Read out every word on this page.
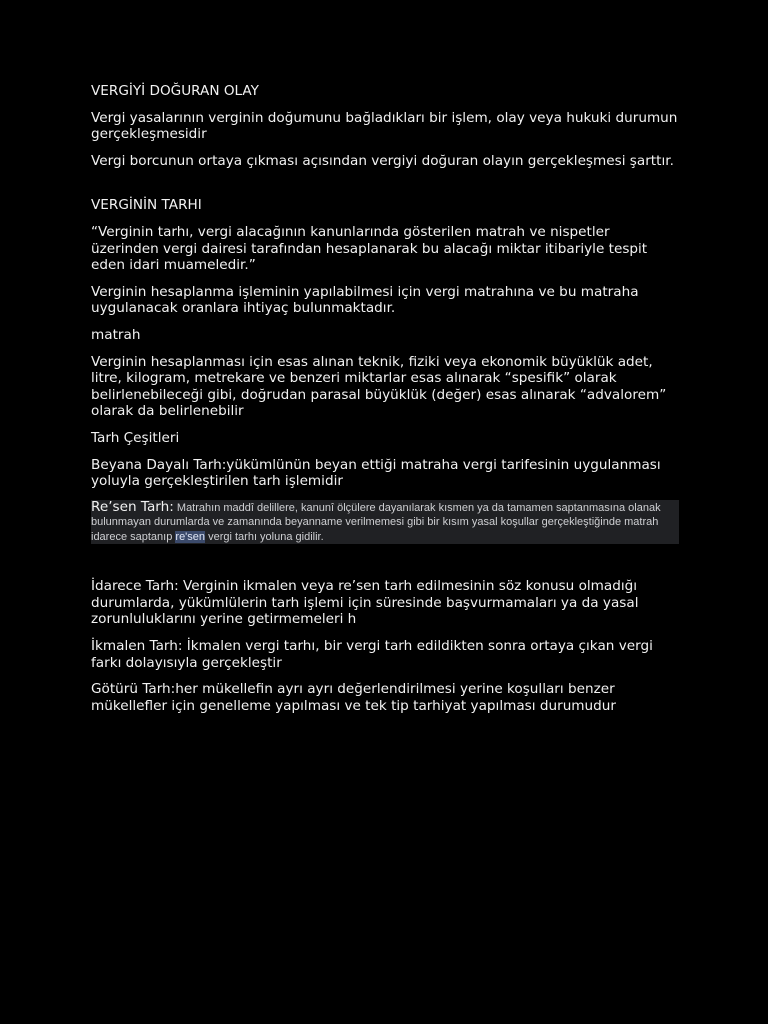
VERGİYİ DOĞURAN OLAY

Vergi yasalarının verginin doğumunu bağladıkları bir işlem, olay veya hukuki durumun gerçekleşmesidir

Vergi borcunun ortaya çıkması açısından vergiyi doğuran olayın gerçekleşmesi şarttır.

VERGİNİN TARHI

“Verginin tarhı, vergi alacağının kanunlarında gösterilen matrah ve nispetler üzerinden vergi dairesi tarafından hesaplanarak bu alacağı miktar itibariyle tespit eden idari muameledir.”

Verginin hesaplanma işleminin yapılabilmesi için vergi matrahına ve bu matraha uygulanacak oranlara ihtiyaç bulunmaktadır.

matrah

Verginin hesaplanması için esas alınan teknik, fiziki veya ekonomik büyüklük adet, litre, kilogram, metrekare ve benzeri miktarlar esas alınarak “spesifik” olarak belirlenebileceği gibi, doğrudan parasal büyüklük (değer) esas alınarak “advalorem” olarak da belirlenebilir

Tarh Çeşitleri

Beyana Dayalı Tarh:yükümlünün beyan ettiği matraha vergi tarifesinin uygulanması yoluyla gerçekleştirilen tarh işlemidir

Re’sen Tarh: Matrahın maddî delillere, kanunî ölçülere dayanılarak kısmen ya da tamamen saptanmasına olanak bulunmayan durumlarda ve zamanında beyanname verilmemesi gibi bir kısım yasal koşullar gerçekleştiğinde matrah idarece saptanıp re'sen vergi tarhı yoluna gidilir.

İdarece Tarh: Verginin ikmalen veya re’sen tarh edilmesinin söz konusu olmadığı durumlarda, yükümlülerin tarh işlemi için süresinde başvurmamaları ya da yasal zorunluluklarını yerine getirmemeleri h

İkmalen Tarh: İkmalen vergi tarhı, bir vergi tarh edildikten sonra ortaya çıkan vergi farkı dolayısıyla gerçekleştir

Götürü Tarh:her mükellefin ayrı ayrı değerlendirilmesi yerine koşulları benzer mükellefler için genelleme yapılması ve tek tip tarhiyat yapılması durumudur
